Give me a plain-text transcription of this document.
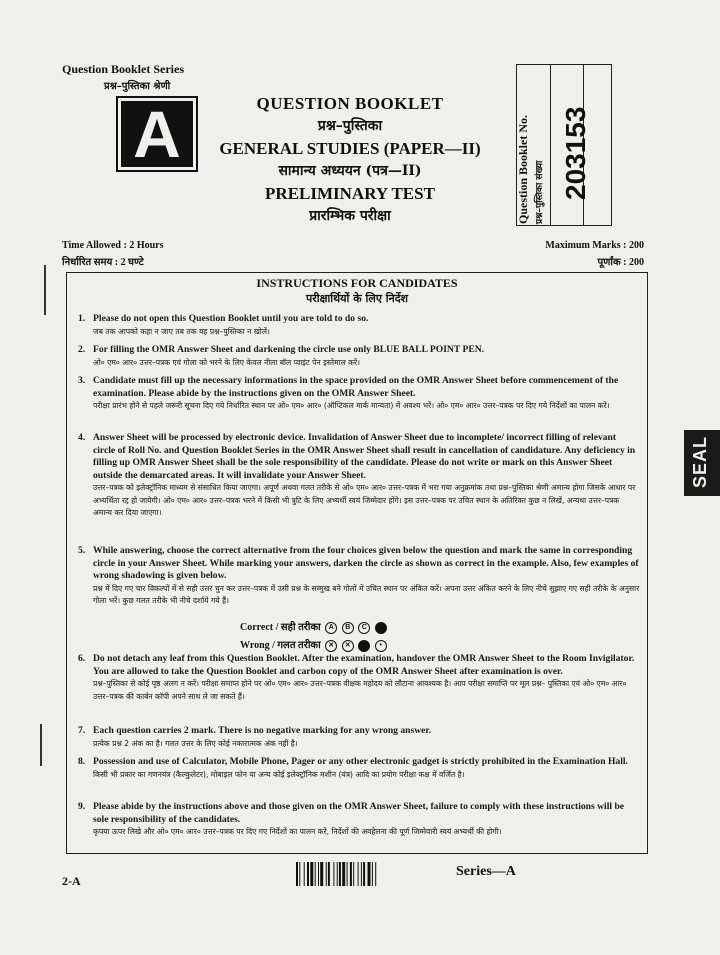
Question Booklet Series
प्रश्न–पुस्तिका श्रेणी
A	QUESTION BOOKLET
प्रश्न–पुस्तिका
GENERAL STUDIES (PAPER—II)
सामान्य अध्ययन (पत्र—II)
PRELIMINARY TEST
प्रारम्भिक परीक्षा	Question Booklet No. प्रश्न–पुस्तिका संख्या 203153
Time Allowed : 2 Hours
निर्धारित समय : 2 घण्टे
Maximum Marks : 200
पूर्णांक : 200
INSTRUCTIONS FOR CANDIDATES
परीक्षार्थियों के लिए निर्देश
1. Please do not open this Question Booklet until you are told to do so.
जब तक आपको कहा न जाए तब तक यह प्रश्न–पुस्तिका न खोलें।
2. For filling the OMR Answer Sheet and darkening the circle use only BLUE BALL POINT PEN.
ओ० एम० आर० उत्तर–पत्रक एवं गोला को भरने के लिए केवल नीला बॉल प्वाइंट पेन इस्तेमाल करें।
3. Candidate must fill up the necessary informations in the space provided on the OMR Answer Sheet before commencement of the examination. Please abide by the instructions given on the OMR Answer Sheet.
परीक्षा प्रारंभ होने से पहले जरूरी सूचना दिए गये निर्धारित स्थान पर ओ० एम० आर० (ऑप्टिकल मार्क मान्यता) में अवश्य भरें। ओ० एम० आर० उत्तर–पत्रक पर दिए गये निर्देशों का पालन करें।
4. Answer Sheet will be processed by electronic device. Invalidation of Answer Sheet due to incomplete/ incorrect filling of relevant circle of Roll No. and Question Booklet Series in the OMR Answer Sheet shall result in cancellation of candidature. Any deficiency in filling up OMR Answer Sheet shall be the sole responsibility of the candidate. Please do not write or mark on this Answer Sheet outside the demarcated areas. It will invalidate your Answer Sheet.
उत्तर–पत्रक को इलेक्ट्रॉनिक माध्यम से संसाधित किया जाएगा। अपूर्ण अथवा गलत तरीके से ओ० एम० आर० उत्तर–पत्रक में भरा गया अनुक्रमांक तथा प्रश्न–पुस्तिका श्रेणी अमान्य होगा जिसके आधार पर अभ्यर्थिता रद्द हो जायेगी। ओ० एम० आर० उत्तर–पत्रक भरने में किसी भी त्रुटि के लिए अभ्यर्थी स्वयं जिम्मेदार होंगे। इस उत्तर–पत्रक पर उचित स्थान के अतिरिक्त कुछ न लिखें, अन्यथा उत्तर–पत्रक अमान्य कर दिया जाएगा।
5. While answering, choose the correct alternative from the four choices given below the question and mark the same in corresponding circle in your Answer Sheet. While marking your answers, darken the circle as shown as correct in the example. Also, few examples of wrong shadowing is given below.
प्रश्न में दिए गए चार विकल्पों में से सही उत्तर चुन कर उत्तर–पत्रक में उसी प्रश्न के सम्मुख बने गोलों में उचित स्थान पर अंकित करें। अपना उत्तर अंकित करने के लिए नीचे सुझाए गए सही तरीके के अनुसार गोला भरें। कुछ गलत तरीके भी नीचे दर्शाये गये हैं।
Correct / सही तरीका A B C
Wrong / गलत तरीका ✕ ✕	•
6. Do not detach any leaf from this Question Booklet. After the examination, handover the OMR Answer Sheet to the Room Invigilator. You are allowed to take the Question Booklet and carbon copy of the OMR Answer Sheet after examination is over.
प्रश्न–पुस्तिका से कोई पृष्ठ अलग न करें। परीक्षा समाप्त होने पर ओ० एम० आर० उत्तर–पत्रक वीक्षक महोदय को लौटाना आवश्यक है। आप परीक्षा समाप्ति पर मूल प्रश्न– पुस्तिका एवं ओ० एम० आर० उत्तर–पत्रक की कार्बन कॉपी अपने साथ ले जा सकते हैं।
7. Each question carries 2 mark. There is no negative marking for any wrong answer.
प्रत्येक प्रश्न 2 अंक का है। गलत उत्तर के लिए कोई नकारात्मक अंक नहीं है।
8. Possession and use of Calculator, Mobile Phone, Pager or any other electronic gadget is strictly prohibited in the Examination Hall.
किसी भी प्रकार का गणनयंत्र (कैल्कुलेटर), मोबाइल फोन या अन्य कोई इलेक्ट्रॉनिक मशीन (यंत्र) आदि का प्रयोग परीक्षा कक्ष में वर्जित है।
9. Please abide by the instructions above and those given on the OMR Answer Sheet, failure to comply with these instructions will be sole responsibility of the candidates.
कृपया ऊपर लिखे और ओ० एम० आर० उत्तर–पत्रक पर दिए गए निर्देशों का पालन करें, निर्देशों की अवहेलना की पूर्ण जिम्मेवारी स्वयं अभ्यर्थी की होगी।
SEAL
2-A
Series—A
